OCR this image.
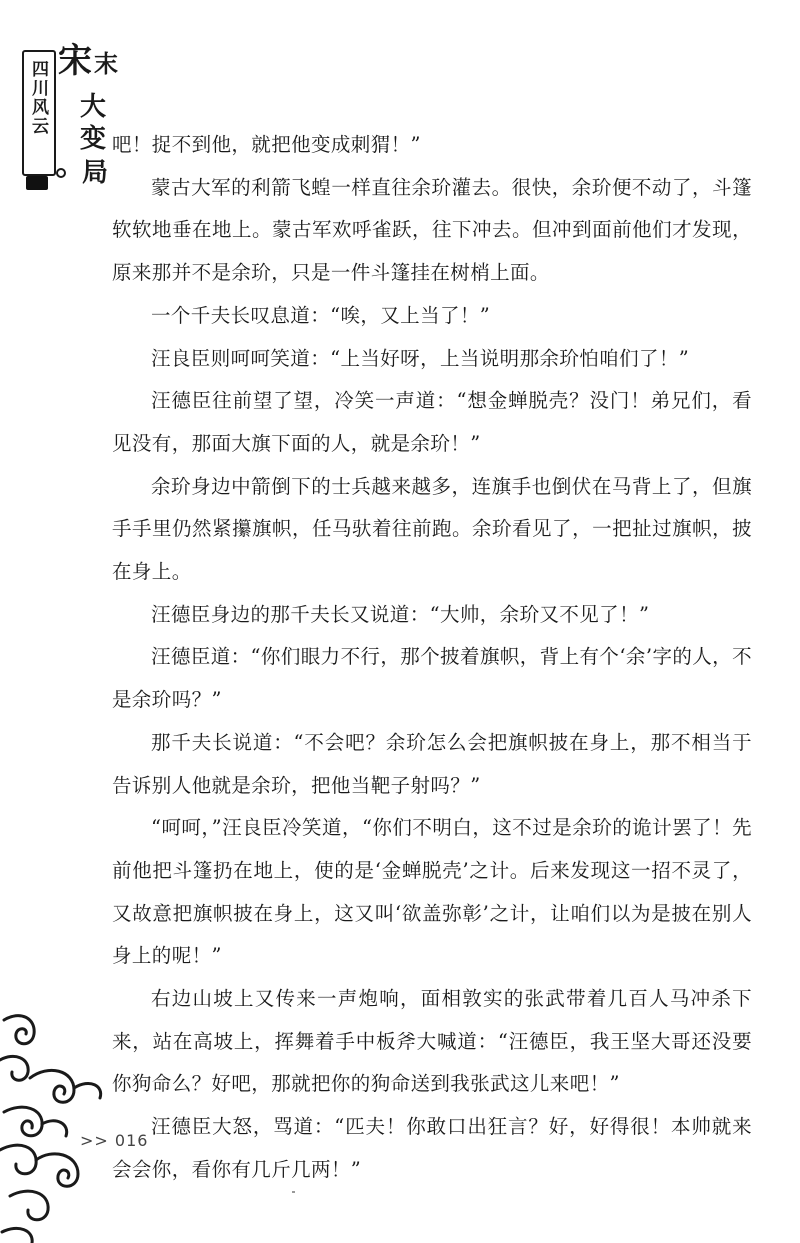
四川风云 宋 末
大
变
局

吧！捉不到他，就把他变成刺猬！”

蒙古大军的利箭飞蝗一样直往余玠灌去。很快，余玠便不动了，斗篷软软地垂在地上。蒙古军欢呼雀跃，往下冲去。但冲到面前他们才发现，原来那并不是余玠，只是一件斗篷挂在树梢上面。

一个千夫长叹息道：“唉，又上当了！”

汪良臣则呵呵笑道：“上当好呀，上当说明那余玠怕咱们了！”

汪德臣往前望了望，冷笑一声道：“想金蝉脱壳？没门！弟兄们，看见没有，那面大旗下面的人，就是余玠！”

余玠身边中箭倒下的士兵越来越多，连旗手也倒伏在马背上了，但旗手手里仍然紧攥旗帜，任马驮着往前跑。余玠看见了，一把扯过旗帜，披在身上。

汪德臣身边的那千夫长又说道：“大帅，余玠又不见了！”

汪德臣道：“你们眼力不行，那个披着旗帜，背上有个‘余’字的人，不是余玠吗？”

那千夫长说道：“不会吧？余玠怎么会把旗帜披在身上，那不相当于告诉别人他就是余玠，把他当靶子射吗？”

“呵呵，”汪良臣冷笑道，“你们不明白，这不过是余玠的诡计罢了！先前他把斗篷扔在地上，使的是‘金蝉脱壳’之计。后来发现这一招不灵了，又故意把旗帜披在身上，这又叫‘欲盖弥彰’之计，让咱们以为是披在别人身上的呢！”

右边山坡上又传来一声炮响，面相敦实的张武带着几百人马冲杀下来，站在高坡上，挥舞着手中板斧大喊道：“汪德臣，我王坚大哥还没要你狗命么？好吧，那就把你的狗命送到我张武这儿来吧！”

汪德臣大怒，骂道：“匹夫！你敢口出狂言？好，好得很！本帅就来会会你，看你有几斤几两！”

>> 016
